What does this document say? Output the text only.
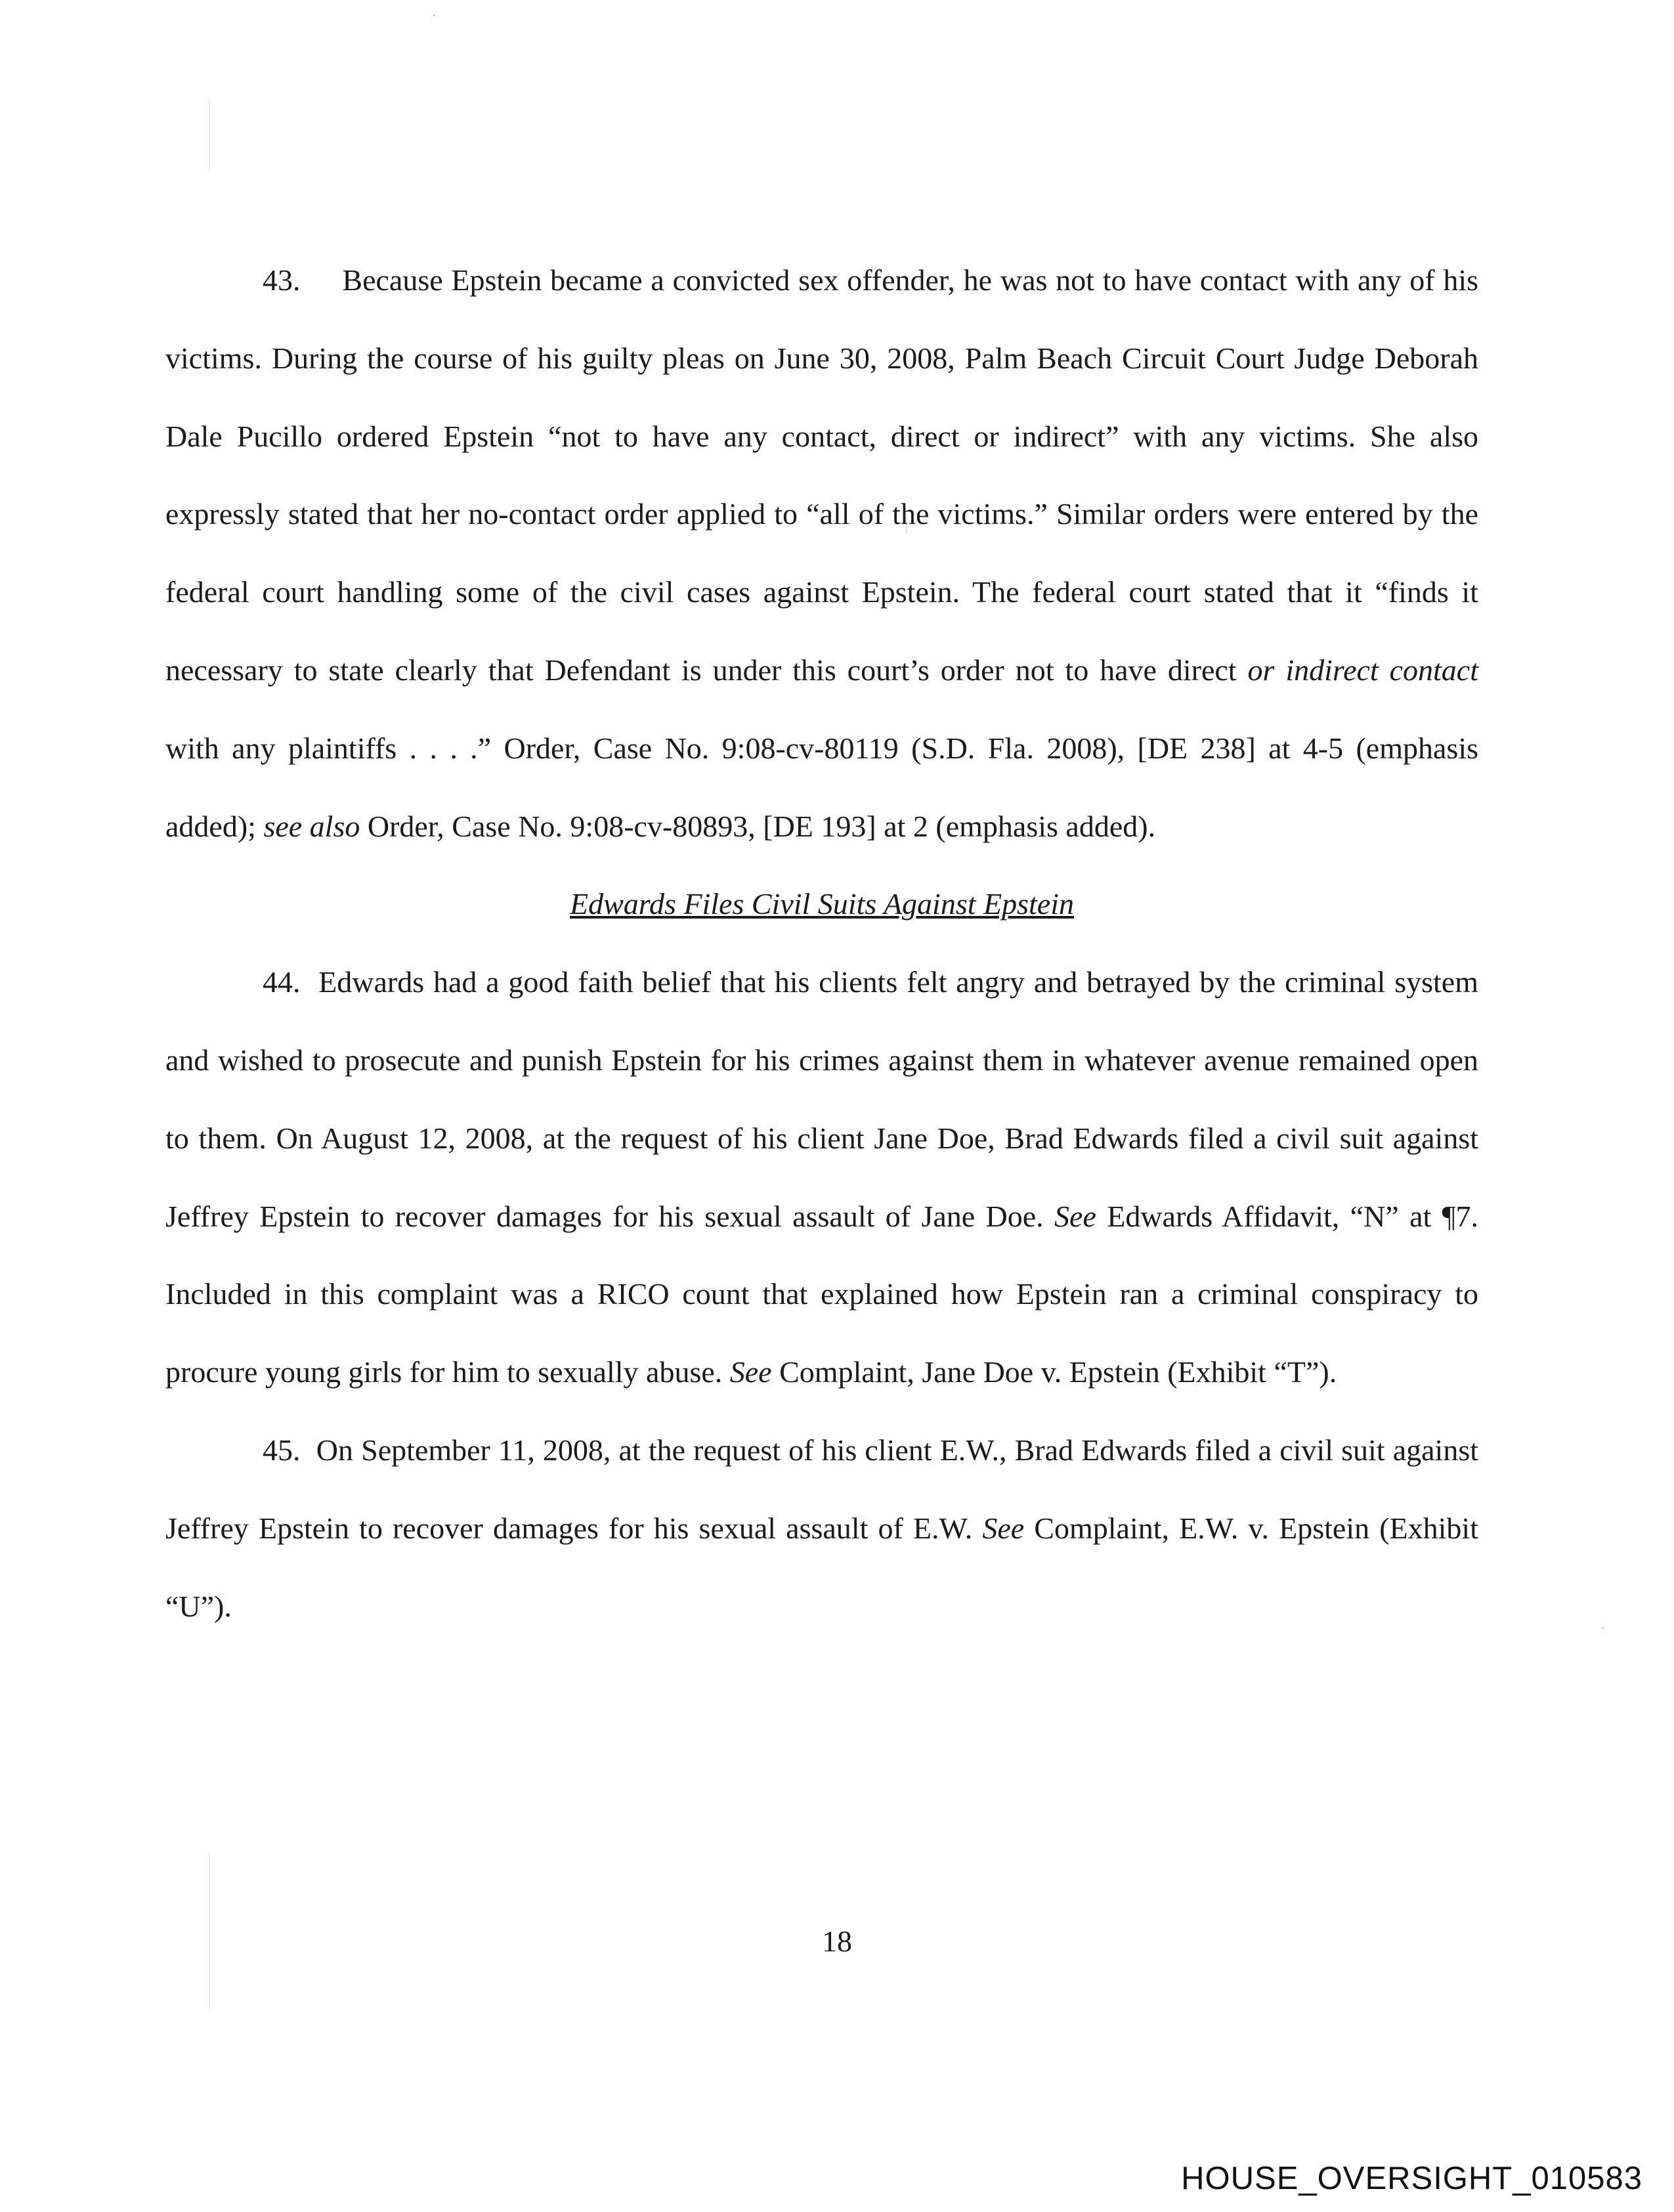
43. Because Epstein became a convicted sex offender, he was not to have contact with any of his victims. During the course of his guilty pleas on June 30, 2008, Palm Beach Circuit Court Judge Deborah Dale Pucillo ordered Epstein “not to have any contact, direct or indirect” with any victims. She also expressly stated that her no-contact order applied to “all of the victims.” Similar orders were entered by the federal court handling some of the civil cases against Epstein. The federal court stated that it “finds it necessary to state clearly that Defendant is under this court’s order not to have direct or indirect contact with any plaintiffs . . . .” Order, Case No. 9:08-cv-80119 (S.D. Fla. 2008), [DE 238] at 4-5 (emphasis added); see also Order, Case No. 9:08-cv-80893, [DE 193] at 2 (emphasis added).

Edwards Files Civil Suits Against Epstein

44. Edwards had a good faith belief that his clients felt angry and betrayed by the criminal system and wished to prosecute and punish Epstein for his crimes against them in whatever avenue remained open to them. On August 12, 2008, at the request of his client Jane Doe, Brad Edwards filed a civil suit against Jeffrey Epstein to recover damages for his sexual assault of Jane Doe. See Edwards Affidavit, “N” at ¶7. Included in this complaint was a RICO count that explained how Epstein ran a criminal conspiracy to procure young girls for him to sexually abuse. See Complaint, Jane Doe v. Epstein (Exhibit “T”).

45. On September 11, 2008, at the request of his client E.W., Brad Edwards filed a civil suit against Jeffrey Epstein to recover damages for his sexual assault of E.W. See Complaint, E.W. v. Epstein (Exhibit “U”).

18
HOUSE_OVERSIGHT_010583
